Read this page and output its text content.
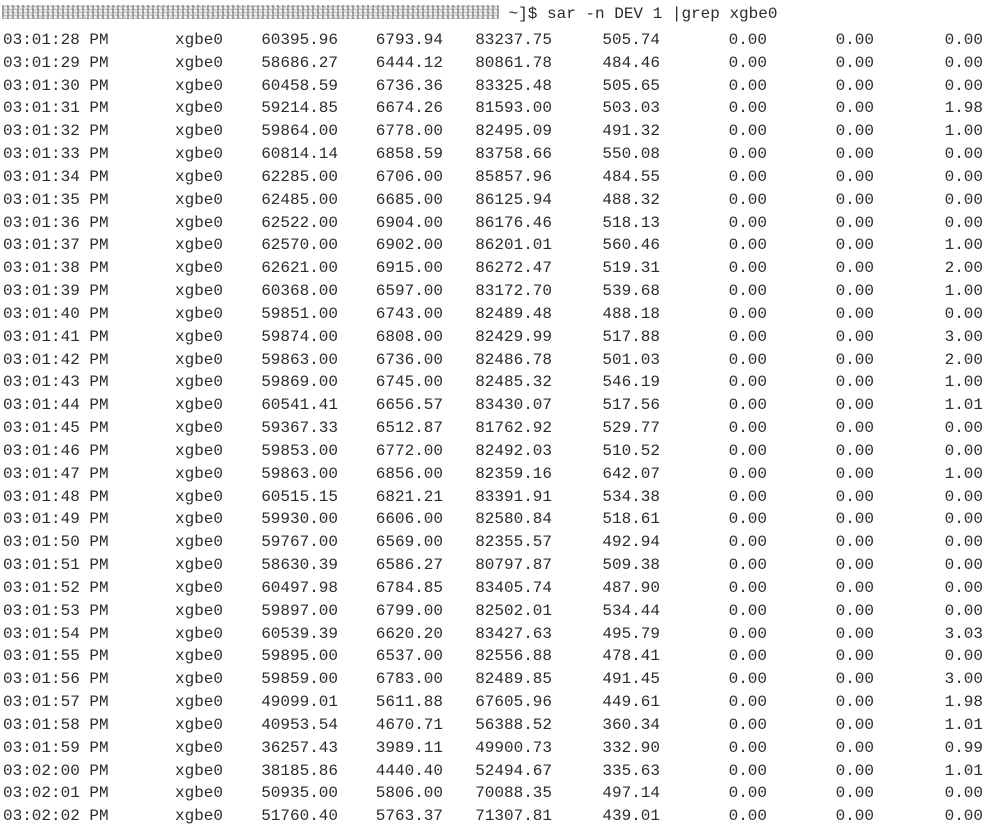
~]$ sar -n DEV 1 |grep xgbe0
03:01:28 PM	xgbe0 60395.96 6793.94 83237.75	505.74	0.00	0.00	0.00
03:01:29 PM	xgbe0 58686.27 6444.12 80861.78	484.46	0.00	0.00	0.00
03:01:30 PM	xgbe0 60458.59 6736.36 83325.48	505.65	0.00	0.00	0.00
03:01:31 PM	xgbe0 59214.85 6674.26 81593.00	503.03	0.00	0.00	1.98
03:01:32 PM	xgbe0 59864.00 6778.00 82495.09	491.32	0.00	0.00	1.00
03:01:33 PM	xgbe0 60814.14 6858.59 83758.66	550.08	0.00	0.00	0.00
03:01:34 PM	xgbe0 62285.00 6706.00 85857.96	484.55	0.00	0.00	0.00
03:01:35 PM	xgbe0 62485.00 6685.00 86125.94	488.32	0.00	0.00	0.00
03:01:36 PM	xgbe0 62522.00 6904.00 86176.46	518.13	0.00	0.00	0.00
03:01:37 PM	xgbe0 62570.00 6902.00 86201.01	560.46	0.00	0.00	1.00
03:01:38 PM	xgbe0 62621.00 6915.00 86272.47	519.31	0.00	0.00	2.00
03:01:39 PM	xgbe0 60368.00 6597.00 83172.70	539.68	0.00	0.00	1.00
03:01:40 PM	xgbe0 59851.00 6743.00 82489.48	488.18	0.00	0.00	0.00
03:01:41 PM	xgbe0 59874.00 6808.00 82429.99	517.88	0.00	0.00	3.00
03:01:42 PM	xgbe0 59863.00 6736.00 82486.78	501.03	0.00	0.00	2.00
03:01:43 PM	xgbe0 59869.00 6745.00 82485.32	546.19	0.00	0.00	1.00
03:01:44 PM	xgbe0 60541.41 6656.57 83430.07	517.56	0.00	0.00	1.01
03:01:45 PM	xgbe0 59367.33 6512.87 81762.92	529.77	0.00	0.00	0.00
03:01:46 PM	xgbe0 59853.00 6772.00 82492.03	510.52	0.00	0.00	0.00
03:01:47 PM	xgbe0 59863.00 6856.00 82359.16	642.07	0.00	0.00	1.00
03:01:48 PM	xgbe0 60515.15 6821.21 83391.91	534.38	0.00	0.00	0.00
03:01:49 PM	xgbe0 59930.00 6606.00 82580.84	518.61	0.00	0.00	0.00
03:01:50 PM	xgbe0 59767.00 6569.00 82355.57	492.94	0.00	0.00	0.00
03:01:51 PM	xgbe0 58630.39 6586.27 80797.87	509.38	0.00	0.00	0.00
03:01:52 PM	xgbe0 60497.98 6784.85 83405.74	487.90	0.00	0.00	0.00
03:01:53 PM	xgbe0 59897.00 6799.00 82502.01	534.44	0.00	0.00	0.00
03:01:54 PM	xgbe0 60539.39 6620.20 83427.63	495.79	0.00	0.00	3.03
03:01:55 PM	xgbe0 59895.00 6537.00 82556.88	478.41	0.00	0.00	0.00
03:01:56 PM	xgbe0 59859.00 6783.00 82489.85	491.45	0.00	0.00	3.00
03:01:57 PM	xgbe0 49099.01 5611.88 67605.96	449.61	0.00	0.00	1.98
03:01:58 PM	xgbe0 40953.54 4670.71 56388.52	360.34	0.00	0.00	1.01
03:01:59 PM	xgbe0 36257.43 3989.11 49900.73	332.90	0.00	0.00	0.99
03:02:00 PM	xgbe0 38185.86 4440.40 52494.67	335.63	0.00	0.00	1.01
03:02:01 PM	xgbe0 50935.00 5806.00 70088.35	497.14	0.00	0.00	0.00
03:02:02 PM	xgbe0 51760.40 5763.37 71307.81	439.01	0.00	0.00	0.00
